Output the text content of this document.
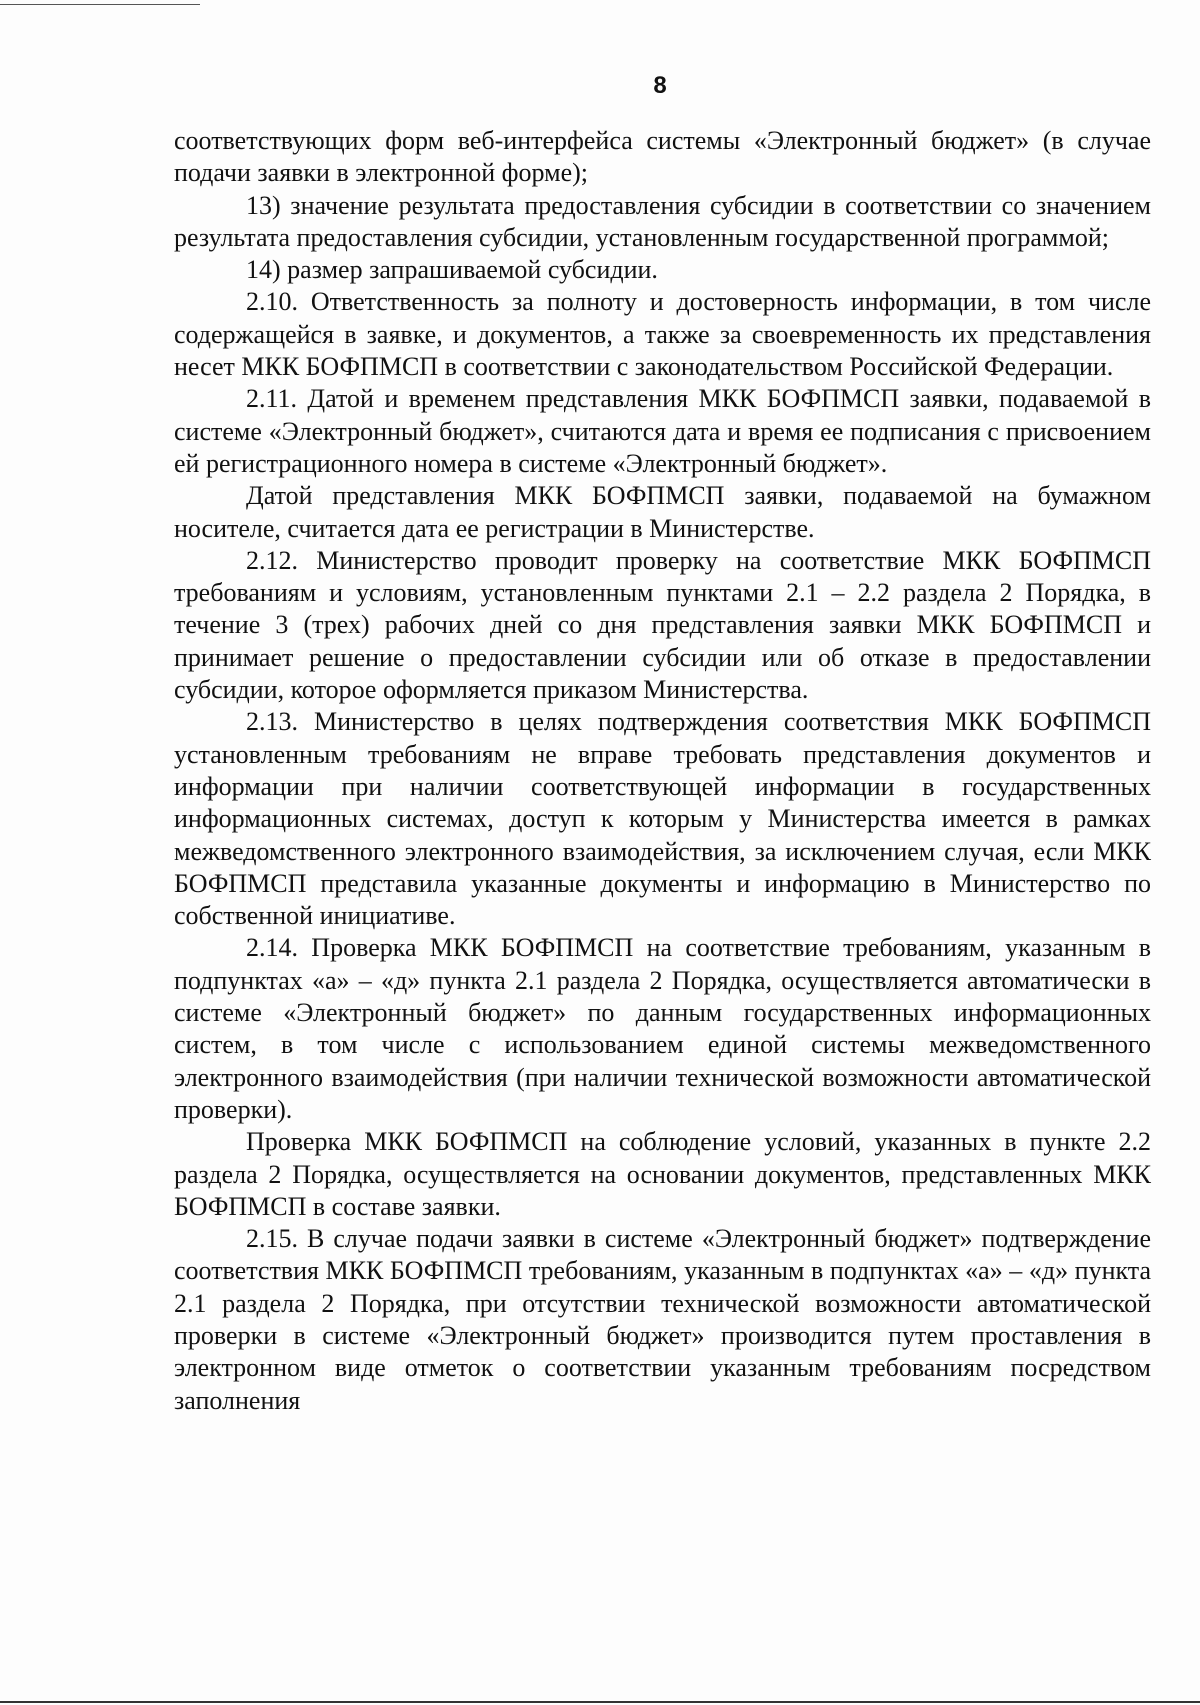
8

соответствующих форм веб-интерфейса системы «Электронный бюджет» (в случае подачи заявки в электронной форме);

13) значение результата предоставления субсидии в соответствии со значением результата предоставления субсидии, установленным государственной программой;

14) размер запрашиваемой субсидии.

2.10. Ответственность за полноту и достоверность информации, в том числе содержащейся в заявке, и документов, а также за своевременность их представления несет МКК БОФПМСП в соответствии с законодательством Российской Федерации.

2.11. Датой и временем представления МКК БОФПМСП заявки, подаваемой в системе «Электронный бюджет», считаются дата и время ее подписания с присвоением ей регистрационного номера в системе «Электронный бюджет».

Датой представления МКК БОФПМСП заявки, подаваемой на бумажном носителе, считается дата ее регистрации в Министерстве.

2.12. Министерство проводит проверку на соответствие МКК БОФПМСП требованиям и условиям, установленным пунктами 2.1 – 2.2 раздела 2 Порядка, в течение 3 (трех) рабочих дней со дня представления заявки МКК БОФПМСП и принимает решение о предоставлении субсидии или об отказе в предоставлении субсидии, которое оформляется приказом Министерства.

2.13. Министерство в целях подтверждения соответствия МКК БОФПМСП установленным требованиям не вправе требовать представления документов и информации при наличии соответствующей информации в государственных информационных системах, доступ к которым у Министерства имеется в рамках межведомственного электронного взаимодействия, за исключением случая, если МКК БОФПМСП представила указанные документы и информацию в Министерство по собственной инициативе.

2.14. Проверка МКК БОФПМСП на соответствие требованиям, указанным в подпунктах «а» – «д» пункта 2.1 раздела 2 Порядка, осуществляется автоматически в системе «Электронный бюджет» по данным государственных информационных систем, в том числе с использованием единой системы межведомственного электронного взаимодействия (при наличии технической возможности автоматической проверки).

Проверка МКК БОФПМСП на соблюдение условий, указанных в пункте 2.2 раздела 2 Порядка, осуществляется на основании документов, представленных МКК БОФПМСП в составе заявки.

2.15. В случае подачи заявки в системе «Электронный бюджет» подтверждение соответствия МКК БОФПМСП требованиям, указанным в подпунктах «а» – «д» пункта 2.1 раздела 2 Порядка, при отсутствии технической возможности автоматической проверки в системе «Электронный бюджет» производится путем проставления в электронном виде отметок о соответствии указанным требованиям посредством заполнения
